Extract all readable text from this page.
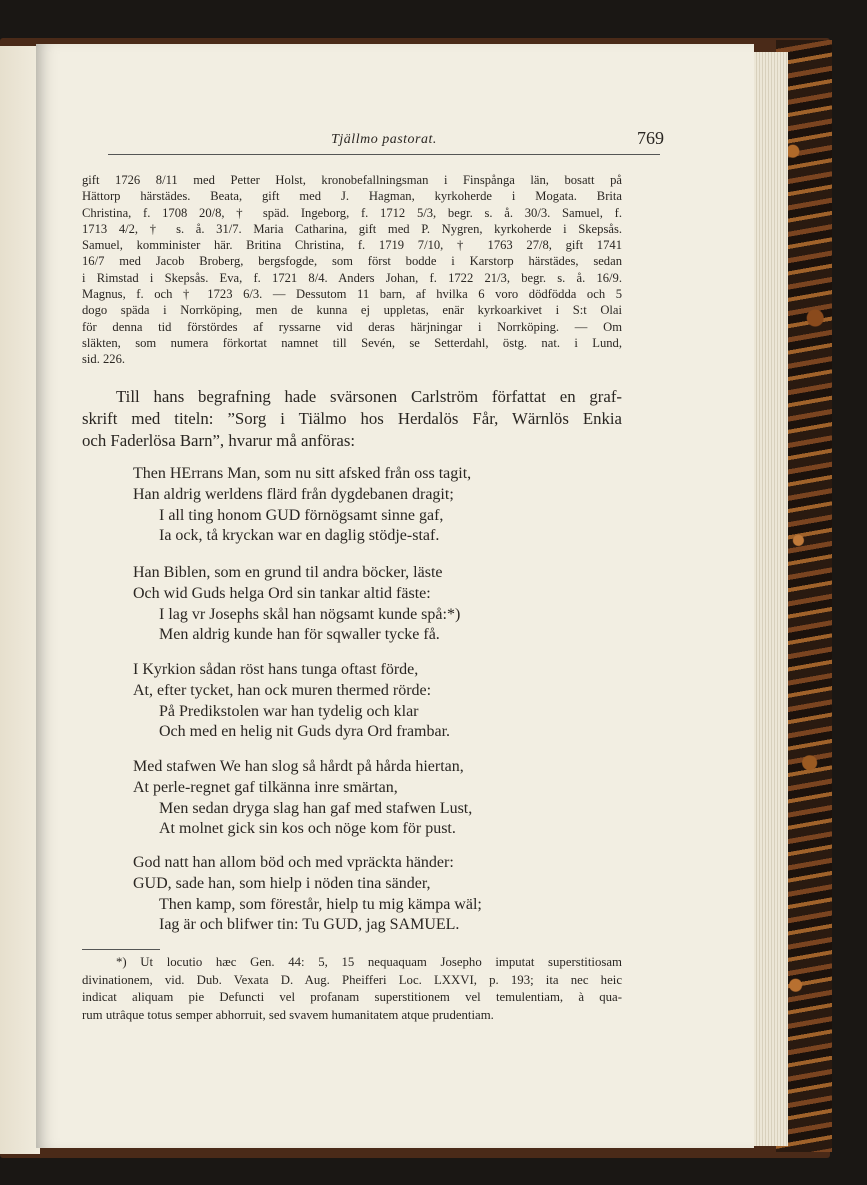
Tjällmo pastorat.	769
gift 1726 8/11 med Petter Holst, kronobefallningsman i Finspånga län, bosatt på
Hättorp härstädes. Beata, gift med J. Hagman, kyrkoherde i Mogata. Brita
Christina, f. 1708 20/8, † späd. Ingeborg, f. 1712 5/3, begr. s. å. 30/3. Samuel, f.
1713 4/2, † s. å. 31/7. Maria Catharina, gift med P. Nygren, kyrkoherde i Skepsås.
Samuel, komminister här. Britina Christina, f. 1719 7/10, † 1763 27/8, gift 1741
16/7 med Jacob Broberg, bergsfogde, som först bodde i Karstorp härstädes, sedan
i Rimstad i Skepsås. Eva, f. 1721 8/4. Anders Johan, f. 1722 21/3, begr. s. å. 16/9.
Magnus, f. och † 1723 6/3. — Dessutom 11 barn, af hvilka 6 voro dödfödda och 5
dogo späda i Norrköping, men de kunna ej uppletas, enär kyrkoarkivet i S:t Olai
för denna tid förstördes af ryssarne vid deras härjningar i Norrköping. — Om
släkten, som numera förkortat namnet till Sevén, se Setterdahl, östg. nat. i Lund,
sid. 226.
Till hans begrafning hade svärsonen Carlström författat en graf-
skrift med titeln: ”Sorg i Tiälmo hos Herdalös Får, Wärnlös Enkia
och Faderlösa Barn”, hvarur må anföras:
Then HErrans Man, som nu sitt afsked från oss tagit,
Han aldrig werldens flärd från dygdebanen dragit;
I all ting honom GUD förnögsamt sinne gaf,
Ia ock, tå kryckan war en daglig stödje-staf.
Han Biblen, som en grund til andra böcker, läste
Och wid Guds helga Ord sin tankar altid fäste:
I lag vr Josephs skål han nögsamt kunde spå:*)
Men aldrig kunde han för sqwaller tycke få.
I Kyrkion sådan röst hans tunga oftast förde,
At, efter tycket, han ock muren thermed rörde:
På Predikstolen war han tydelig och klar
Och med en helig nit Guds dyra Ord frambar.
Med stafwen We han slog så hårdt på hårda hiertan,
At perle-regnet gaf tilkänna inre smärtan,
Men sedan dryga slag han gaf med stafwen Lust,
At molnet gick sin kos och nöge kom för pust.
God natt han allom böd och med vpräckta händer:
GUD, sade han, som hielp i nöden tina sänder,
Then kamp, som förestår, hielp tu mig kämpa wäl;
Iag är och blifwer tin: Tu GUD, jag SAMUEL.
*) Ut locutio hæc Gen. 44: 5, 15 nequaquam Josepho imputat superstitiosam
divinationem, vid. Dub. Vexata D. Aug. Pheifferi Loc. LXXVI, p. 193; ita nec heic
indicat aliquam pie Defuncti vel profanam superstitionem vel temulentiam, à qua-
rum utrâque totus semper abhorruit, sed svavem humanitatem atque prudentiam.
